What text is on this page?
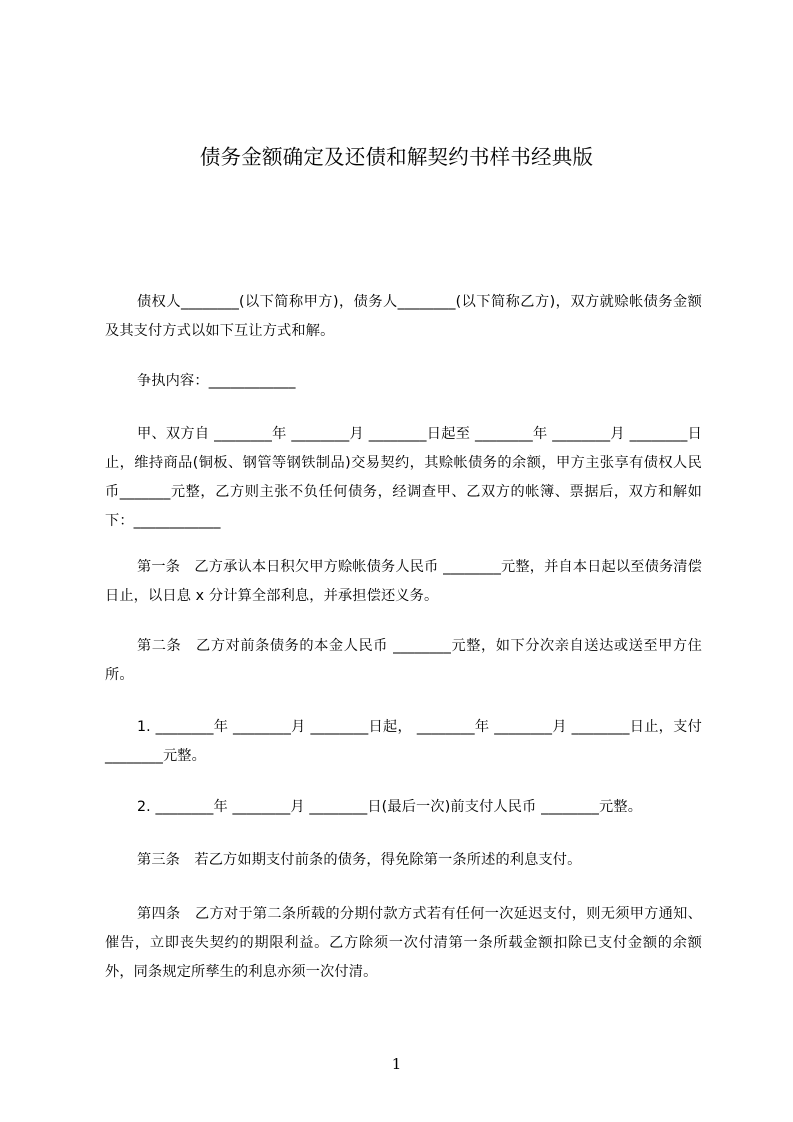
债务金额确定及还债和解契约书样书经典版

债权人________(以下简称甲方)，债务人________(以下简称乙方)，双方就赊帐债务金额及其支付方式以如下互让方式和解。

争执内容：____________

甲、双方自 ________年 ________月 ________日起至 ________年 ________月 ________日止，维持商品(铜板、钢管等钢铁制品)交易契约，其赊帐债务的余额，甲方主张享有债权人民币_______元整，乙方则主张不负任何债务，经调查甲、乙双方的帐簿、票据后，双方和解如下：____________

第一条　乙方承认本日积欠甲方赊帐债务人民币 ________元整，并自本日起以至债务清偿日止，以日息 x 分计算全部利息，并承担偿还义务。

第二条　乙方对前条债务的本金人民币 ________元整，如下分次亲自送达或送至甲方住所。

1. ________年 ________月 ________日起， ________年 ________月 ________日止，支付 ________元整。

2. ________年 ________月 ________日(最后一次)前支付人民币 ________元整。

第三条　若乙方如期支付前条的债务，得免除第一条所述的利息支付。

第四条　乙方对于第二条所载的分期付款方式若有任何一次延迟支付，则无须甲方通知、催告，立即丧失契约的期限利益。乙方除须一次付清第一条所载金额扣除已支付金额的余额外，同条规定所孳生的利息亦须一次付清。

1
